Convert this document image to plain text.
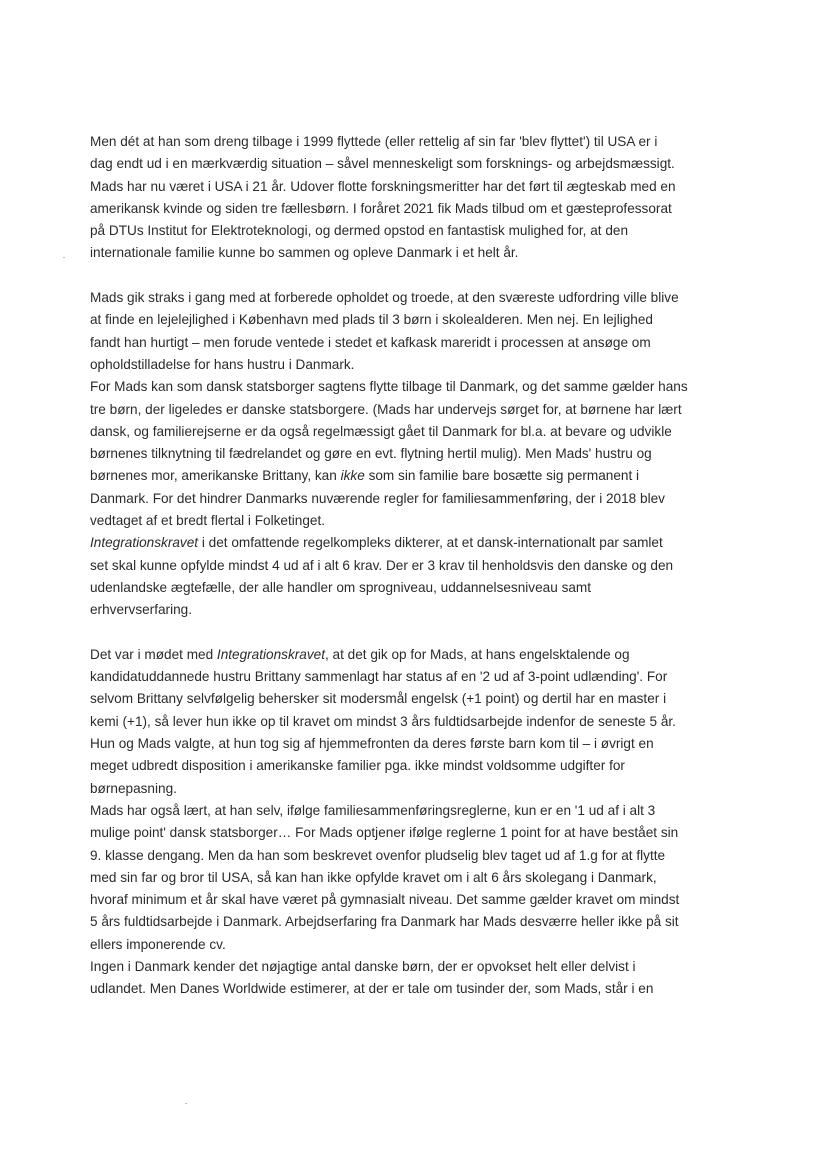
Men dét at han som dreng tilbage i 1999 flyttede (eller rettelig af sin far 'blev flyttet') til USA er i
dag endt ud i en mærkværdig situation – såvel menneskeligt som forsknings- og arbejdsmæssigt.
Mads har nu været i USA i 21 år. Udover flotte forskningsmeritter har det ført til ægteskab med en
amerikansk kvinde og siden tre fællesbørn. I foråret 2021 fik Mads tilbud om et gæsteprofessorat
på DTUs Institut for Elektroteknologi, og dermed opstod en fantastisk mulighed for, at den
internationale familie kunne bo sammen og opleve Danmark i et helt år.
Mads gik straks i gang med at forberede opholdet og troede, at den sværeste udfordring ville blive
at finde en lejelejlighed i København med plads til 3 børn i skolealderen. Men nej. En lejlighed
fandt han hurtigt – men forude ventede i stedet et kafkask mareridt i processen at ansøge om
opholdstilladelse for hans hustru i Danmark.
For Mads kan som dansk statsborger sagtens flytte tilbage til Danmark, og det samme gælder hans
tre børn, der ligeledes er danske statsborgere. (Mads har undervejs sørget for, at børnene har lært
dansk, og familierejserne er da også regelmæssigt gået til Danmark for bl.a. at bevare og udvikle
børnenes tilknytning til fædrelandet og gøre en evt. flytning hertil mulig). Men Mads' hustru og
børnenes mor, amerikanske Brittany, kan ikke som sin familie bare bosætte sig permanent i
Danmark. For det hindrer Danmarks nuværende regler for familiesammenføring, der i 2018 blev
vedtaget af et bredt flertal i Folketinget.
Integrationskravet i det omfattende regelkompleks dikterer, at et dansk-internationalt par samlet
set skal kunne opfylde mindst 4 ud af i alt 6 krav. Der er 3 krav til henholdsvis den danske og den
udenlandske ægtefælle, der alle handler om sprogniveau, uddannelsesniveau samt
erhvervserfaring.
Det var i mødet med Integrationskravet, at det gik op for Mads, at hans engelsktalende og
kandidatuddannede hustru Brittany sammenlagt har status af en '2 ud af 3-point udlænding'. For
selvom Brittany selvfølgelig behersker sit modersmål engelsk (+1 point) og dertil har en master i
kemi (+1), så lever hun ikke op til kravet om mindst 3 års fuldtidsarbejde indenfor de seneste 5 år.
Hun og Mads valgte, at hun tog sig af hjemmefronten da deres første barn kom til – i øvrigt en
meget udbredt disposition i amerikanske familier pga. ikke mindst voldsomme udgifter for
børnepasning.
Mads har også lært, at han selv, ifølge familiesammenføringsreglerne, kun er en '1 ud af i alt 3
mulige point' dansk statsborger… For Mads optjener ifølge reglerne 1 point for at have bestået sin
9. klasse dengang. Men da han som beskrevet ovenfor pludselig blev taget ud af 1.g for at flytte
med sin far og bror til USA, så kan han ikke opfylde kravet om i alt 6 års skolegang i Danmark,
hvoraf minimum et år skal have været på gymnasialt niveau. Det samme gælder kravet om mindst
5 års fuldtidsarbejde i Danmark. Arbejdserfaring fra Danmark har Mads desværre heller ikke på sit
ellers imponerende cv.
Ingen i Danmark kender det nøjagtige antal danske børn, der er opvokset helt eller delvist i
udlandet. Men Danes Worldwide estimerer, at der er tale om tusinder der, som Mads, står i en
